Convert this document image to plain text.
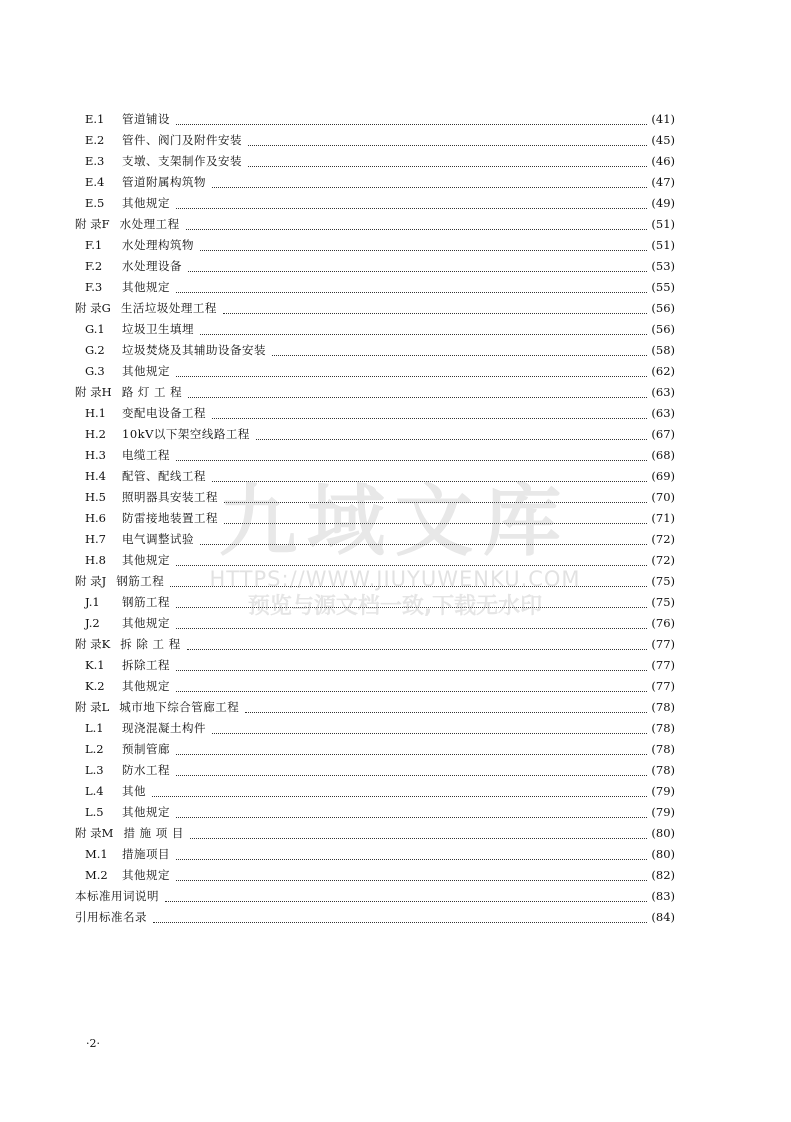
E.1	管道铺设	(41)
E.2	管件、阀门及附件安装	(45)
E.3	支墩、支架制作及安装	(46)
E.4	管道附属构筑物	(47)
E.5	其他规定	(49)
附 录F 水处理工程	(51)
F.1	水处理构筑物	(51)
F.2	水处理设备	(53)
F.3	其他规定	(55)
附 录G 生活垃圾处理工程	(56)
G.1	垃圾卫生填埋	(56)
G.2	垃圾焚烧及其辅助设备安装	(58)
G.3	其他规定	(62)
附 录H 路 灯 工 程	(63)
H.1	变配电设备工程	(63)
H.2	10kV以下架空线路工程	(67)
H.3	电缆工程	(68)
H.4	配管、配线工程	(69)
H.5	照明器具安装工程	(70)
H.6	防雷接地装置工程	(71)
H.7	电气调整试验	(72)
H.8	其他规定	(72)
附 录J 钢筋工程	(75)
J.1	钢筋工程	(75)
J.2	其他规定	(76)
附 录K 拆 除 工 程	(77)
K.1	拆除工程	(77)
K.2	其他规定	(77)
附 录L 城市地下综合管廊工程	(78)
L.1	现浇混凝土构件	(78)
L.2	预制管廊	(78)
L.3	防水工程	(78)
L.4	其他	(79)
L.5	其他规定	(79)
附 录M 措 施 项 目	(80)
M.1	措施项目	(80)
M.2	其他规定	(82)
本标准用词说明	(83)
引用标准名录	(84)
九域文库
HTTPS://WWW.JIUYUWENKU.COM
预览与源文档一致,下载无水印
·2·
